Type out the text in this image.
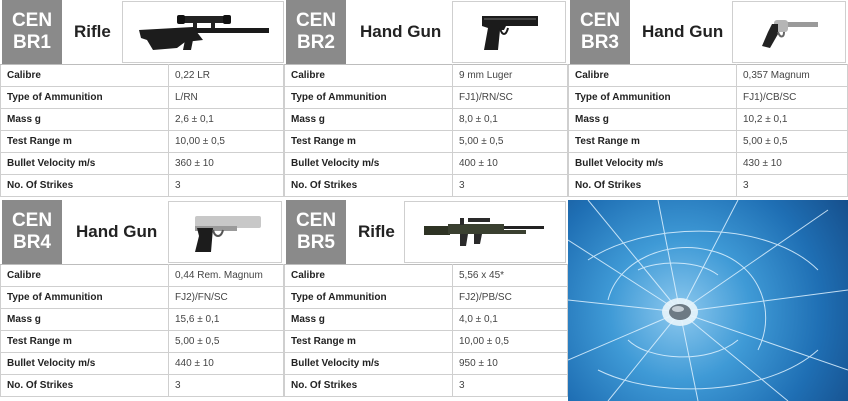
CEN
BR1
Rifle
Calibre	0,22 LR
Type of Ammunition	L/RN
Mass g	2,6 ± 0,1
Test Range m	10,00 ± 0,5
Bullet Velocity m/s	360 ± 10
No. Of Strikes	3
CEN
BR2
Hand Gun
Calibre	9 mm Luger
Type of Ammunition	FJ1)/RN/SC
Mass g	8,0 ± 0,1
Test Range m	5,00 ± 0,5
Bullet Velocity m/s	400 ± 10
No. Of Strikes	3
CEN
BR3
Hand Gun
Calibre	0,357 Magnum
Type of Ammunition	FJ1)/CB/SC
Mass g	10,2 ± 0,1
Test Range m	5,00 ± 0,5
Bullet Velocity m/s	430 ± 10
No. Of Strikes	3
CEN
BR4
Hand Gun
Calibre	0,44 Rem. Magnum
Type of Ammunition	FJ2)/FN/SC
Mass g	15,6 ± 0,1
Test Range m	5,00 ± 0,5
Bullet Velocity m/s	440 ± 10
No. Of Strikes	3
CEN
BR5
Rifle
Calibre	5,56 x 45*
Type of Ammunition	FJ2)/PB/SC
Mass g	4,0 ± 0,1
Test Range m	10,00 ± 0,5
Bullet Velocity m/s	950 ± 10
No. Of Strikes	3
